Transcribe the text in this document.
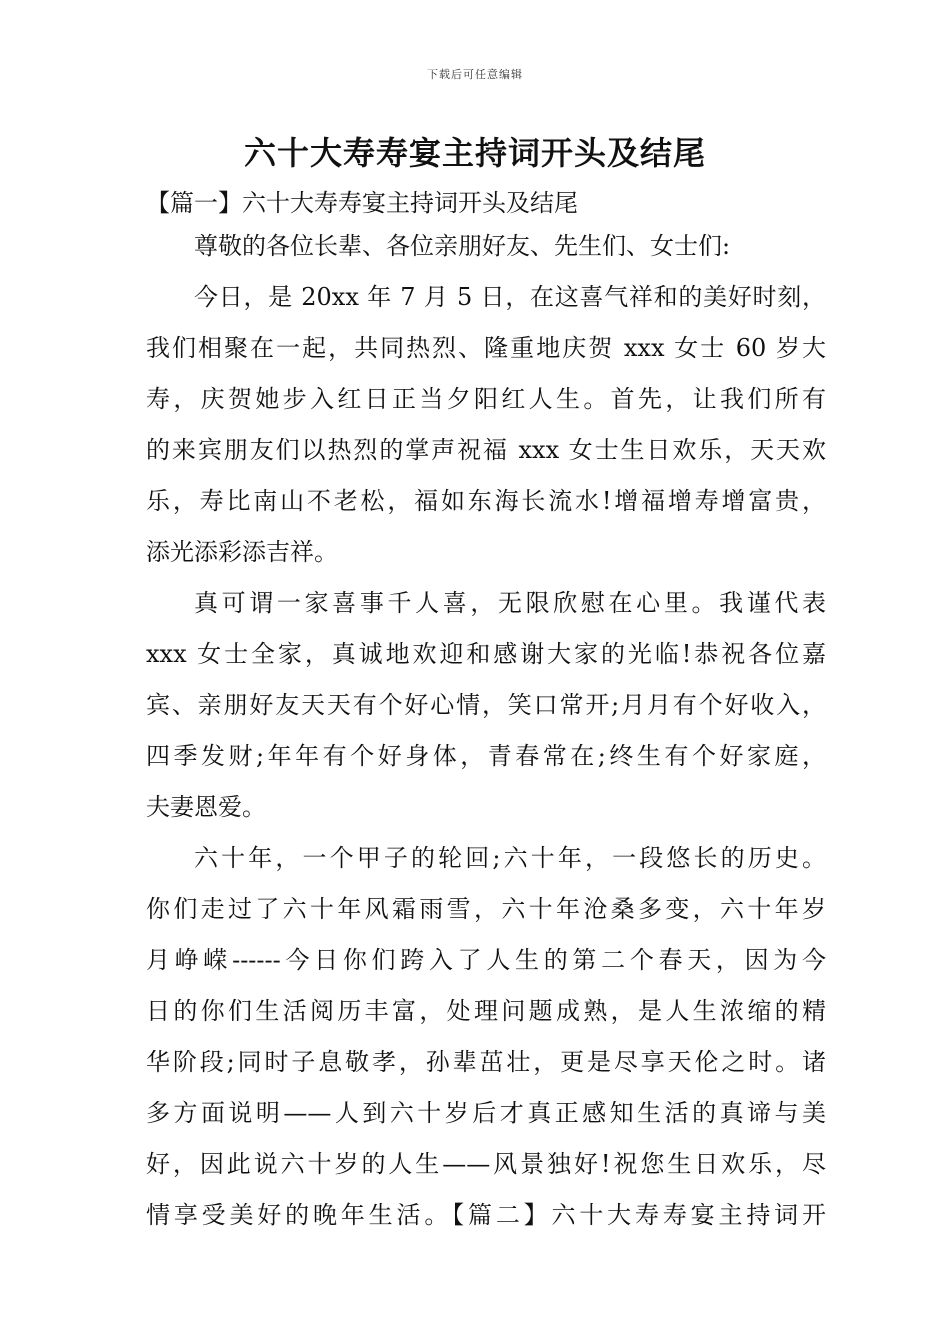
下载后可任意编辑
六十大寿寿宴主持词开头及结尾
【篇一】六十大寿寿宴主持词开头及结尾
尊敬的各位长辈、各位亲朋好友、先生们、女士们:
今日，是 20xx 年 7 月 5 日，在这喜气祥和的美好时刻，
我们相聚在一起，共同热烈、隆重地庆贺 xxx 女士 60 岁大
寿，庆贺她步入红日正当夕阳红人生。首先，让我们所有
的来宾朋友们以热烈的掌声祝福 xxx 女士生日欢乐，天天欢
乐，寿比南山不老松，福如东海长流水!增福增寿增富贵，
添光添彩添吉祥。
真可谓一家喜事千人喜，无限欣慰在心里。我谨代表
xxx 女士全家，真诚地欢迎和感谢大家的光临!恭祝各位嘉
宾、亲朋好友天天有个好心情，笑口常开;月月有个好收入，
四季发财;年年有个好身体，青春常在;终生有个好家庭，
夫妻恩爱。
六十年，一个甲子的轮回;六十年，一段悠长的历史。
你们走过了六十年风霜雨雪，六十年沧桑多变，六十年岁
月峥嵘------今日你们跨入了人生的第二个春天，因为今
日的你们生活阅历丰富，处理问题成熟，是人生浓缩的精
华阶段;同时子息敬孝，孙辈茁壮，更是尽享天伦之时。诸
多方面说明——人到六十岁后才真正感知生活的真谛与美
好，因此说六十岁的人生——风景独好!祝您生日欢乐，尽
情享受美好的晚年生活。【篇二】六十大寿寿宴主持词开
